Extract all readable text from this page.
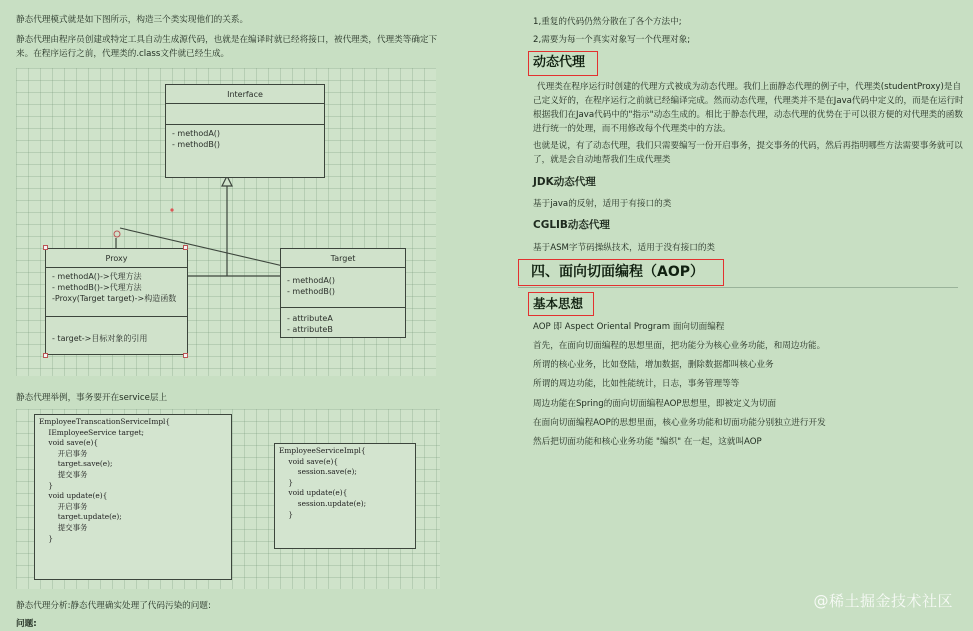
静态代理模式就是如下图所示，构造三个类实现他们的关系。
静态代理由程序员创建或特定工具自动生成源代码，也就是在编译时就已经将接口，被代理类，代理类等确定下
来。在程序运行之前，代理类的.class文件就已经生成。
Interface
- methodA()
- methodB()
Proxy
- methodA()->代理方法
- methodB()->代理方法
-Proxy(Target target)->构造函数
- target->目标对象的引用
Target
- methodA()
- methodB()
- attributeA
- attributeB
静态代理举例，事务要开在service层上
EmployeeTranscationServiceImpl{
IEmployeeService target;
void save(e){
开启事务
target.save(e);
提交事务
}
void update(e){
开启事务
target.update(e);
提交事务
}
EmployeeServiceImpl{
void save(e){
session.save(e);
}
void update(e){
session.update(e);
}
静态代理分析:静态代理确实处理了代码污染的问题:
问题:
1,重复的代码仍然分散在了各个方法中;
2,需要为每一个真实对象写一个代理对象;
动态代理
代理类在程序运行时创建的代理方式被成为动态代理。我们上面静态代理的例子中，代理类(studentProxy)是自
己定义好的，在程序运行之前就已经编译完成。然而动态代理，代理类并不是在Java代码中定义的，而是在运行时
根据我们在Java代码中的"指示"动态生成的。相比于静态代理，动态代理的优势在于可以很方便的对代理类的函数
进行统一的处理，而不用修改每个代理类中的方法。
也就是说，有了动态代理，我们只需要编写一份开启事务，提交事务的代码，然后再指明哪些方法需要事务就可以
了，就是会自动地帮我们生成代理类
JDK动态代理
基于java的反射，适用于有接口的类
CGLIB动态代理
基于ASM字节码操纵技术，适用于没有接口的类
四、面向切面编程（AOP）
基本思想
AOP 即 Aspect Oriental Program 面向切面编程
首先，在面向切面编程的思想里面，把功能分为核心业务功能，和周边功能。
所谓的核心业务，比如登陆，增加数据，删除数据都叫核心业务
所谓的周边功能，比如性能统计，日志，事务管理等等
周边功能在Spring的面向切面编程AOP思想里，即被定义为切面
在面向切面编程AOP的思想里面，核心业务功能和切面功能分别独立进行开发
然后把切面功能和核心业务功能 "编织" 在一起，这就叫AOP
@稀土掘金技术社区
